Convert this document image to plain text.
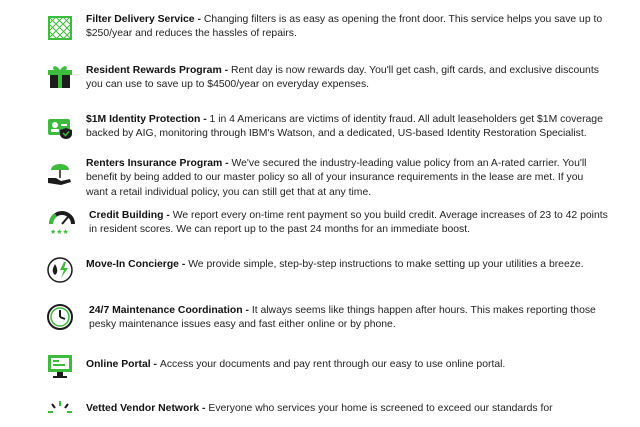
Filter Delivery Service - Changing filters is as easy as opening the front door. This service helps you save up to $250/year and reduces the hassles of repairs.
Resident Rewards Program - Rent day is now rewards day. You'll get cash, gift cards, and exclusive discounts you can use to save up to $4500/year on everyday expenses.
$1M Identity Protection - 1 in 4 Americans are victims of identity fraud. All adult leaseholders get $1M coverage backed by AIG, monitoring through IBM's Watson, and a dedicated, US-based Identity Restoration Specialist.
Renters Insurance Program - We've secured the industry-leading value policy from an A-rated carrier. You'll benefit by being added to our master policy so all of your insurance requirements in the lease are met. If you want a retail individual policy, you can still get that at any time.
★★★
Credit Building - We report every on-time rent payment so you build credit. Average increases of 23 to 42 points in resident scores. We can report up to the past 24 months for an immediate boost.
Move-In Concierge - We provide simple, step-by-step instructions to make setting up your utilities a breeze.
24/7 Maintenance Coordination - It always seems like things happen after hours. This makes reporting those pesky maintenance issues easy and fast either online or by phone.
Online Portal - Access your documents and pay rent through our easy to use online portal.
Vetted Vendor Network - Everyone who services your home is screened to exceed our standards for
